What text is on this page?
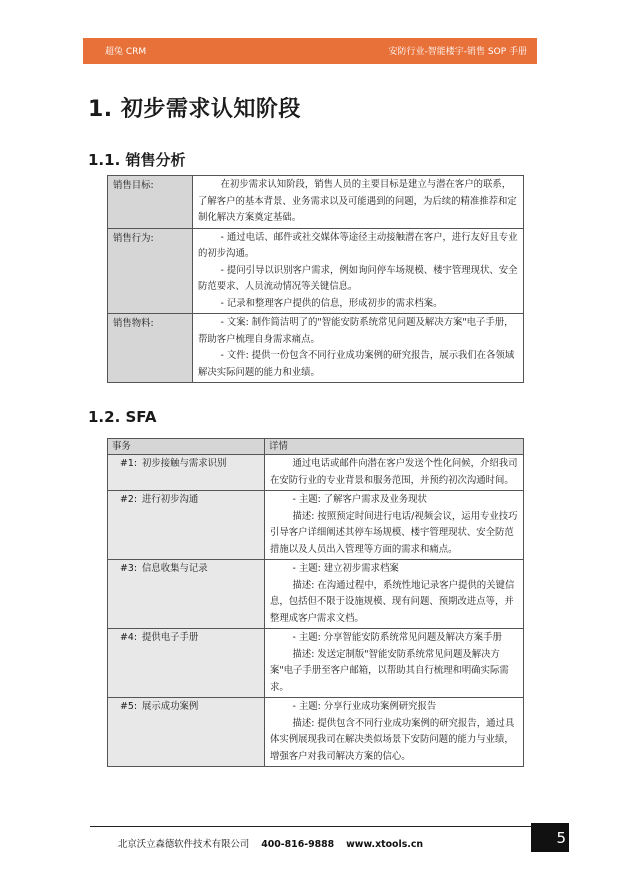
超兔 CRM	安防行业-智能楼宇-销售 SOP 手册
1. 初步需求认知阶段
1.1. 销售分析
销售目标:	在初步需求认知阶段，销售人员的主要目标是建立与潜在客户的联系，了解客户的基本背景、业务需求以及可能遇到的问题，为后续的精准推荐和定制化解决方案奠定基础。

销售行为:	- 通过电话、邮件或社交媒体等途径主动接触潜在客户，进行友好且专业的初步沟通。

- 提问引导以识别客户需求，例如询问停车场规模、楼宇管理现状、安全防范要求、人员流动情况等关键信息。

- 记录和整理客户提供的信息，形成初步的需求档案。

销售物料:	- 文案: 制作简洁明了的"智能安防系统常见问题及解决方案"电子手册，帮助客户梳理自身需求痛点。

- 文件: 提供一份包含不同行业成功案例的研究报告，展示我们在各领域解决实际问题的能力和业绩。

1.2. SFA
事务	详情
#1: 初步接触与需求识别	通过电话或邮件向潜在客户发送个性化问候，介绍我司在安防行业的专业背景和服务范围，并预约初次沟通时间。

#2: 进行初步沟通	- 主题: 了解客户需求及业务现状

描述: 按照预定时间进行电话/视频会议，运用专业技巧引导客户详细阐述其停车场规模、楼宇管理现状、安全防范措施以及人员出入管理等方面的需求和痛点。

#3: 信息收集与记录	- 主题: 建立初步需求档案

描述: 在沟通过程中，系统性地记录客户提供的关键信息，包括但不限于设施规模、现有问题、预期改进点等，并整理成客户需求文档。

#4: 提供电子手册	- 主题: 分享智能安防系统常见问题及解决方案手册

描述: 发送定制版"智能安防系统常见问题及解决方案"电子手册至客户邮箱，以帮助其自行梳理和明确实际需求。

#5: 展示成功案例	- 主题: 分享行业成功案例研究报告

描述: 提供包含不同行业成功案例的研究报告，通过具体实例展现我司在解决类似场景下安防问题的能力与业绩，增强客户对我司解决方案的信心。

北京沃立森德软件技术有限公司 400-816-9888 www.xtools.cn	5
